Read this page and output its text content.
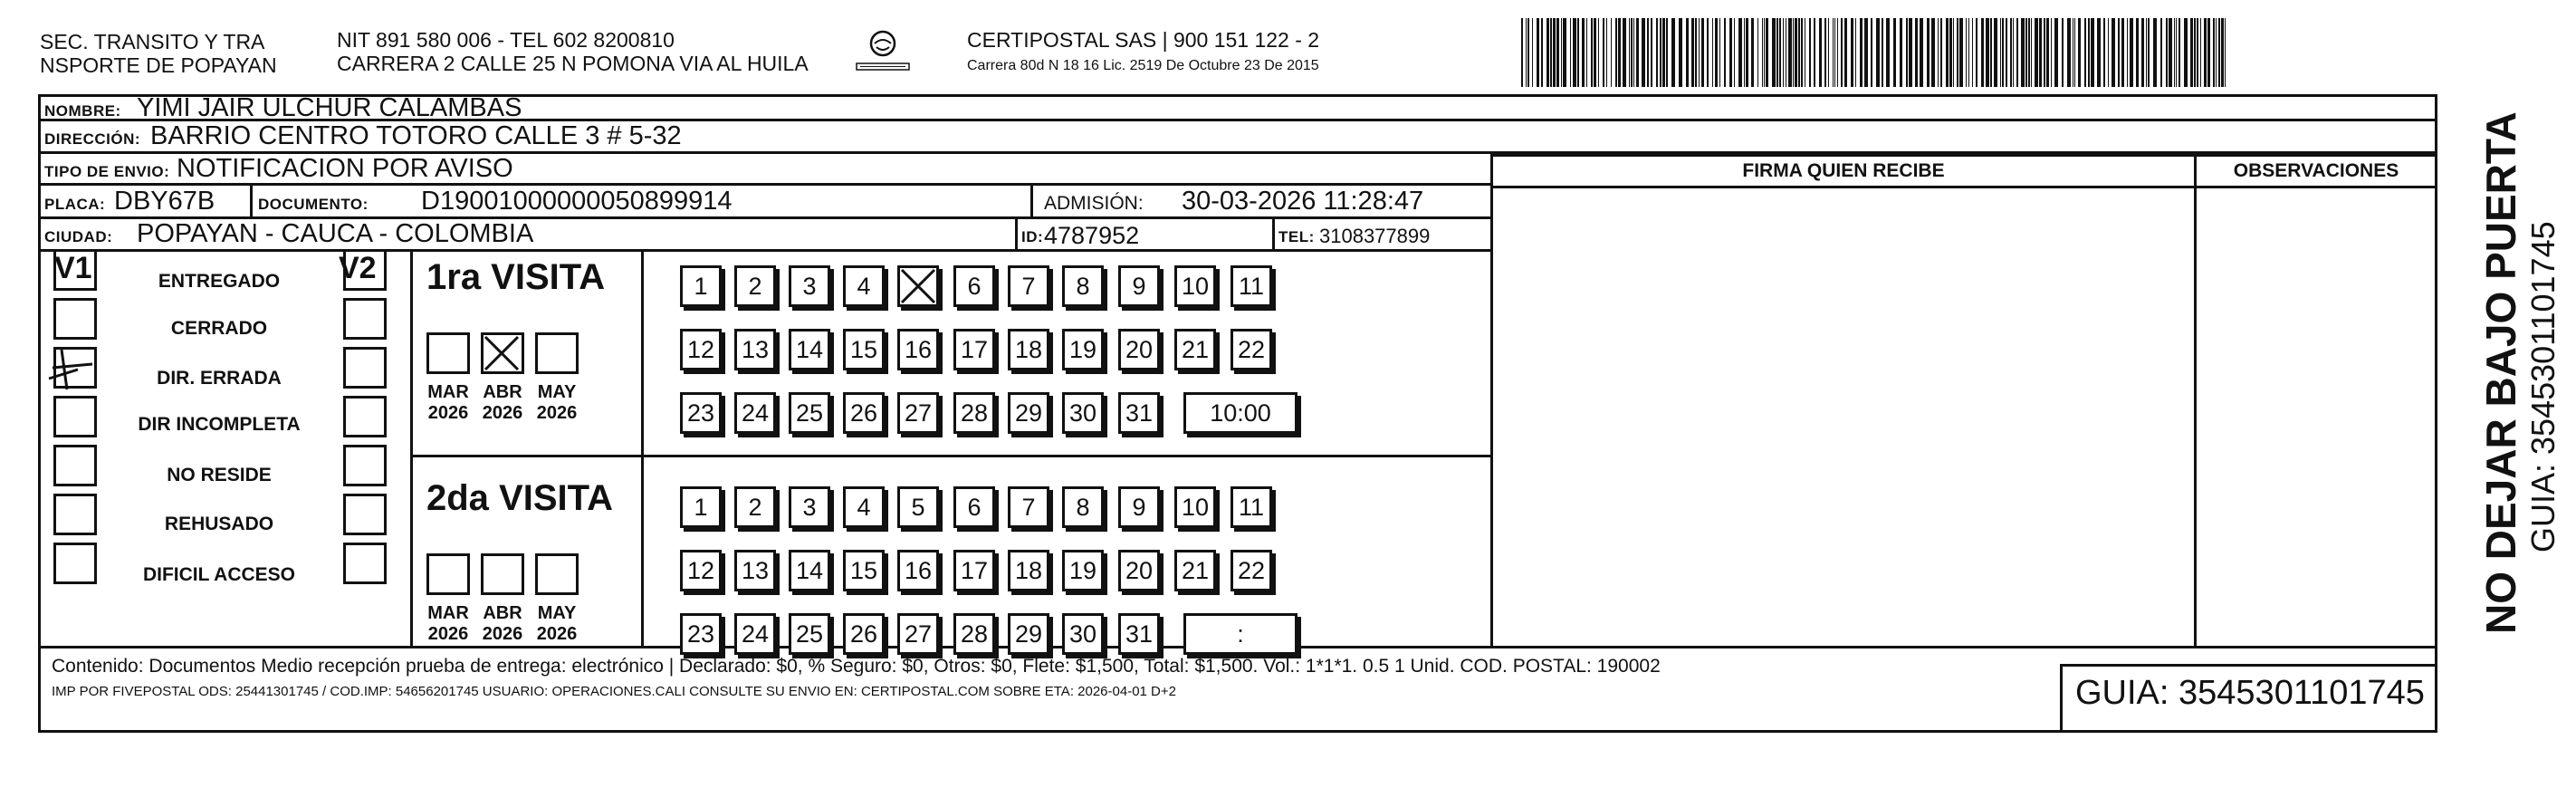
SEC. TRANSITO Y TRA
NSPORTE DE POPAYAN
NIT 891 580 006 - TEL 602 8200810
CARRERA 2 CALLE 25 N POMONA VIA AL HUILA
CERTIPOSTAL SAS | 900 151 122 - 2
Carrera 80d N 18 16 Lic. 2519 De Octubre 23 De 2015
NOMBRE: YIMI JAIR ULCHUR CALAMBAS
DIRECCIÓN: BARRIO CENTRO TOTORO CALLE 3 # 5-32
TIPO DE ENVIO: NOTIFICACION POR AVISO
PLACA: DBY67B	DOCUMENTO: D19001000000050899914	ADMISIÓN: 30-03-2026 11:28:47
CIUDAD: POPAYAN - CAUCA - COLOMBIA	ID: 4787952	TEL: 3108377899
FIRMA QUIEN RECIBE	OBSERVACIONES
V1	V2
ENTREGADO
CERRADO
DIR. ERRADA
DIR INCOMPLETA
NO RESIDE
REHUSADO
DIFICIL ACCESO
1ra VISITA
2da VISITA
MAR
2026
ABR
2026
MAY
2026
1	2	3	4	6	7	8	9	10	11
12 13 14 15 16 17 18 19 20 21 22
23 24 25 26 27 28 29 30 31	10:00
MAR
2026
ABR
2026
MAY
2026
1	2	3	4	5	6	7	8	9	10	11
12 13 14 15 16 17 18 19 20 21 22
23 24 25 26 27 28 29 30 31	:
Contenido: Documentos Medio recepción prueba de entrega: electrónico | Declarado: $0, % Seguro: $0, Otros: $0, Flete: $1,500, Total: $1,500. Vol.: 1*1*1. 0.5 1 Unid. COD. POSTAL: 190002
IMP POR FIVEPOSTAL ODS: 25441301745 / COD.IMP: 54656201745 USUARIO: OPERACIONES.CALI CONSULTE SU ENVIO EN: CERTIPOSTAL.COM SOBRE ETA: 2026-04-01 D+2	GUIA: 3545301101745
NO DEJAR BAJO PUERTA GUIA: 3545301101745
